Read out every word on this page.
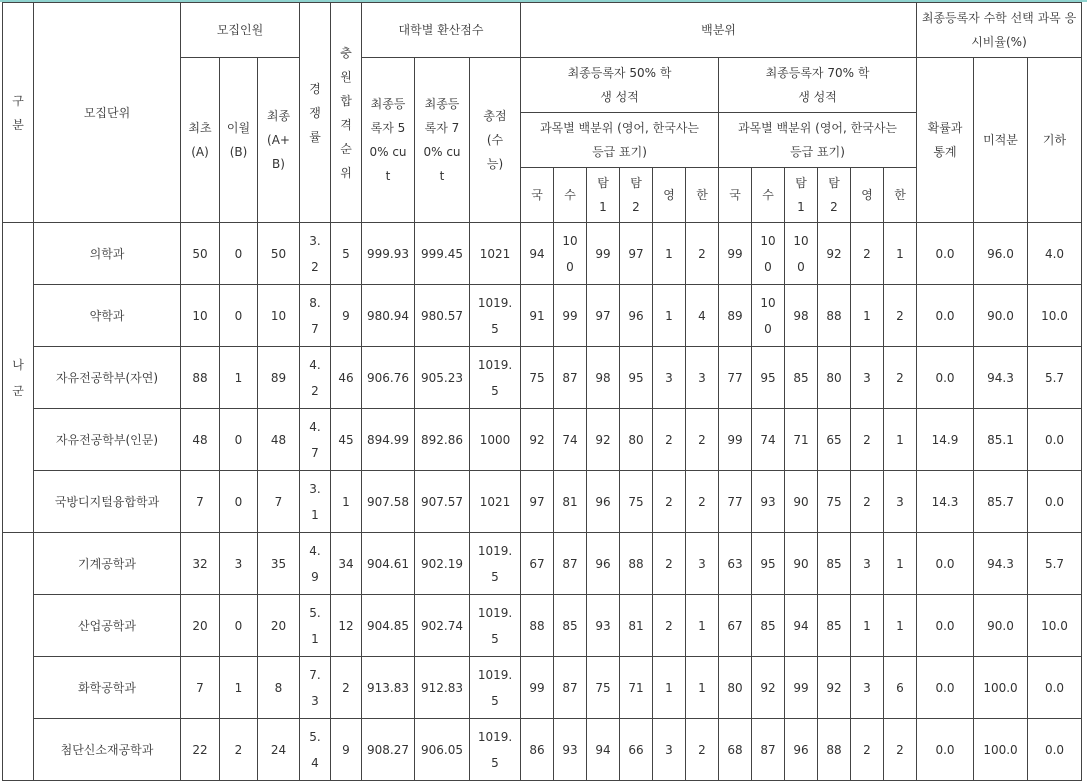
구분	모집단위	모집인원			경쟁률	충원합격순위	대학별 환산점수			백분위												최종등록자 수학 선택 과목 응시비율(%)		
		최초 (A)	이월 (B)	최종 (A+B)			최종등록자 50% cut	최종등록자 70% cut	총점 (수능)	최종등록자 50% 학생 성적						최종등록자 70% 학생 성적						확률과 통계	미적분	기하
										과목별 백분위 (영어, 한국사는 등급 표기)						과목별 백분위 (영어, 한국사는 등급 표기)								
										국	수	탐1	탐2	영	한	국	수	탐1	탐2	영	한			
나군	의학과	50	0	50	3.2	5	999.93	999.45	1021	94	100	99	97	1	2	99	100	100	92	2	1	0.0	96.0	4.0
	약학과	10	0	10	8.7	9	980.94	980.57	1019.5	91	99	97	96	1	4	89	100	98	88	1	2	0.0	90.0	10.0
	자유전공학부(자연)	88	1	89	4.2	46	906.76	905.23	1019.5	75	87	98	95	3	3	77	95	85	80	3	2	0.0	94.3	5.7
	자유전공학부(인문)	48	0	48	4.7	45	894.99	892.86	1000	92	74	92	80	2	2	99	74	71	65	2	1	14.9	85.1	0.0
	국방디지털융합학과	7	0	7	3.1	1	907.58	907.57	1021	97	81	96	75	2	2	77	93	90	75	2	3	14.3	85.7	0.0
	기계공학과	32	3	35	4.9	34	904.61	902.19	1019.5	67	87	96	88	2	3	63	95	90	85	3	1	0.0	94.3	5.7
	산업공학과	20	0	20	5.1	12	904.85	902.74	1019.5	88	85	93	81	2	1	67	85	94	85	1	1	0.0	90.0	10.0
	화학공학과	7	1	8	7.3	2	913.83	912.83	1019.5	99	87	75	71	1	1	80	92	99	92	3	6	0.0	100.0	0.0
	첨단신소재공학과	22	2	24	5.4	9	908.27	906.05	1019.5	86	93	94	66	3	2	68	87	96	88	2	2	0.0	100.0	0.0
